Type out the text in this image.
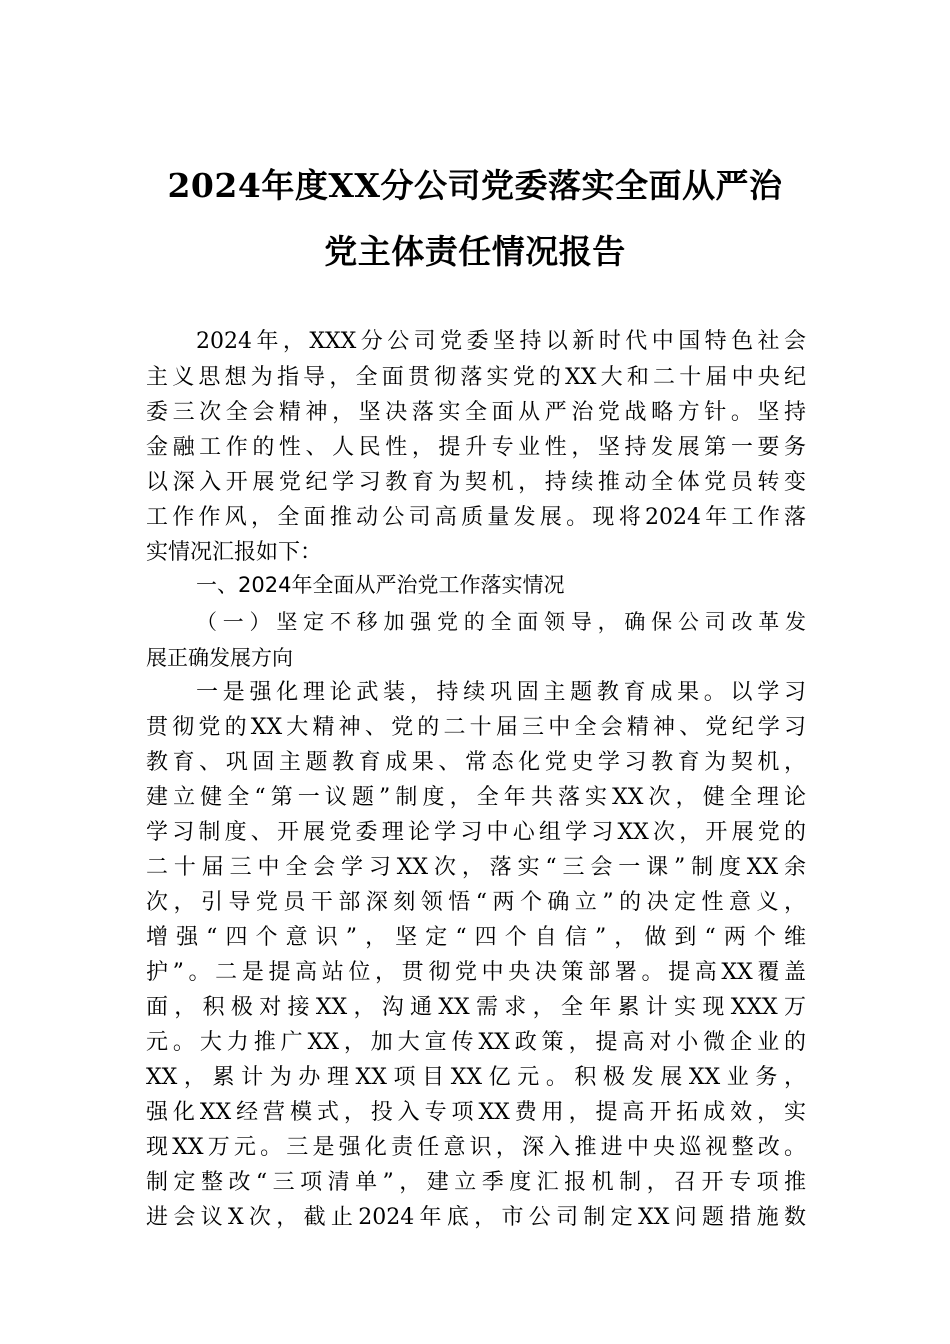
2024年度XX分公司党委落实全面从严治
党主体责任情况报告
2024年，XXX分公司党委坚持以新时代中国特色社会
主义思想为指导，全面贯彻落实党的XX大和二十届中央纪
委三次全会精神，坚决落实全面从严治党战略方针。坚持
金融工作的性、人民性，提升专业性，坚持发展第一要务
以深入开展党纪学习教育为契机，持续推动全体党员转变
工作作风，全面推动公司高质量发展。现将2024年工作落
实情况汇报如下：
一、2024年全面从严治党工作落实情况
（一）坚定不移加强党的全面领导，确保公司改革发
展正确发展方向
一是强化理论武装，持续巩固主题教育成果。以学习
贯彻党的XX大精神、党的二十届三中全会精神、党纪学习
教育、巩固主题教育成果、常态化党史学习教育为契机，
建立健全“第一议题”制度，全年共落实XX次，健全理论
学习制度、开展党委理论学习中心组学习XX次，开展党的
二十届三中全会学习XX次，落实“三会一课”制度XX余
次，引导党员干部深刻领悟“两个确立”的决定性意义，
增强“四个意识”，坚定“四个自信”，做到“两个维
护”。二是提高站位，贯彻党中央决策部署。提高XX覆盖
面，积极对接XX，沟通XX需求，全年累计实现XXX万
元。大力推广XX，加大宣传XX政策，提高对小微企业的
XX，累计为办理XX项目XX亿元。积极发展XX业务，
强化XX经营模式，投入专项XX费用，提高开拓成效，实
现XX万元。三是强化责任意识，深入推进中央巡视整改。
制定整改“三项清单”，建立季度汇报机制，召开专项推
进会议X次，截止2024年底，市公司制定XX问题措施数
